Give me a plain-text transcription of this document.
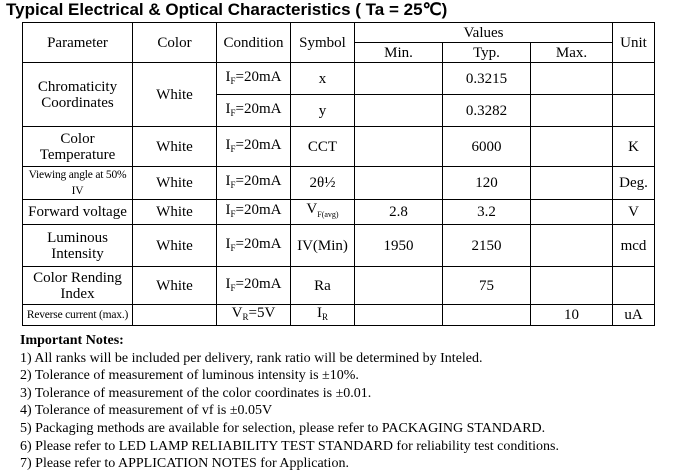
Typical Electrical & Optical Characteristics ( Ta = 25℃)
Parameter	Color	Condition	Symbol	Values			Unit
				Min.	Typ.	Max.	

Chromaticity
Coordinates	White	$I_F=20mA$	x		0.3215		
		$I_F=20mA$	y		0.3282		

Color
Temperature	White	$I_F=20mA$	CCT		6000		K
Viewing angle at 50% IV	White	$I_F=20mA$	2θ½		120		Deg.
Forward voltage	White	$I_F=20mA$	$V_{F(avg)}$	2.8	3.2		V

Luminous
Intensity	White	$I_F=20mA$	IV(Min)	1950	2150		mcd

Color Rending
Index	White	$I_F=20mA$	Ra		75		
Reverse current (max.)		$V_R=5V$	$I_R$			10	uA
Important Notes:
1) All ranks will be included per delivery, rank ratio will be determined by Inteled.
2) Tolerance of measurement of luminous intensity is ±10%.
3) Tolerance of measurement of the color coordinates is ±0.01.
4) Tolerance of measurement of vf is ±0.05V
5) Packaging methods are available for selection, please refer to PACKAGING STANDARD.
6) Please refer to LED LAMP RELIABILITY TEST STANDARD for reliability test conditions.
7) Please refer to APPLICATION NOTES for Application.
